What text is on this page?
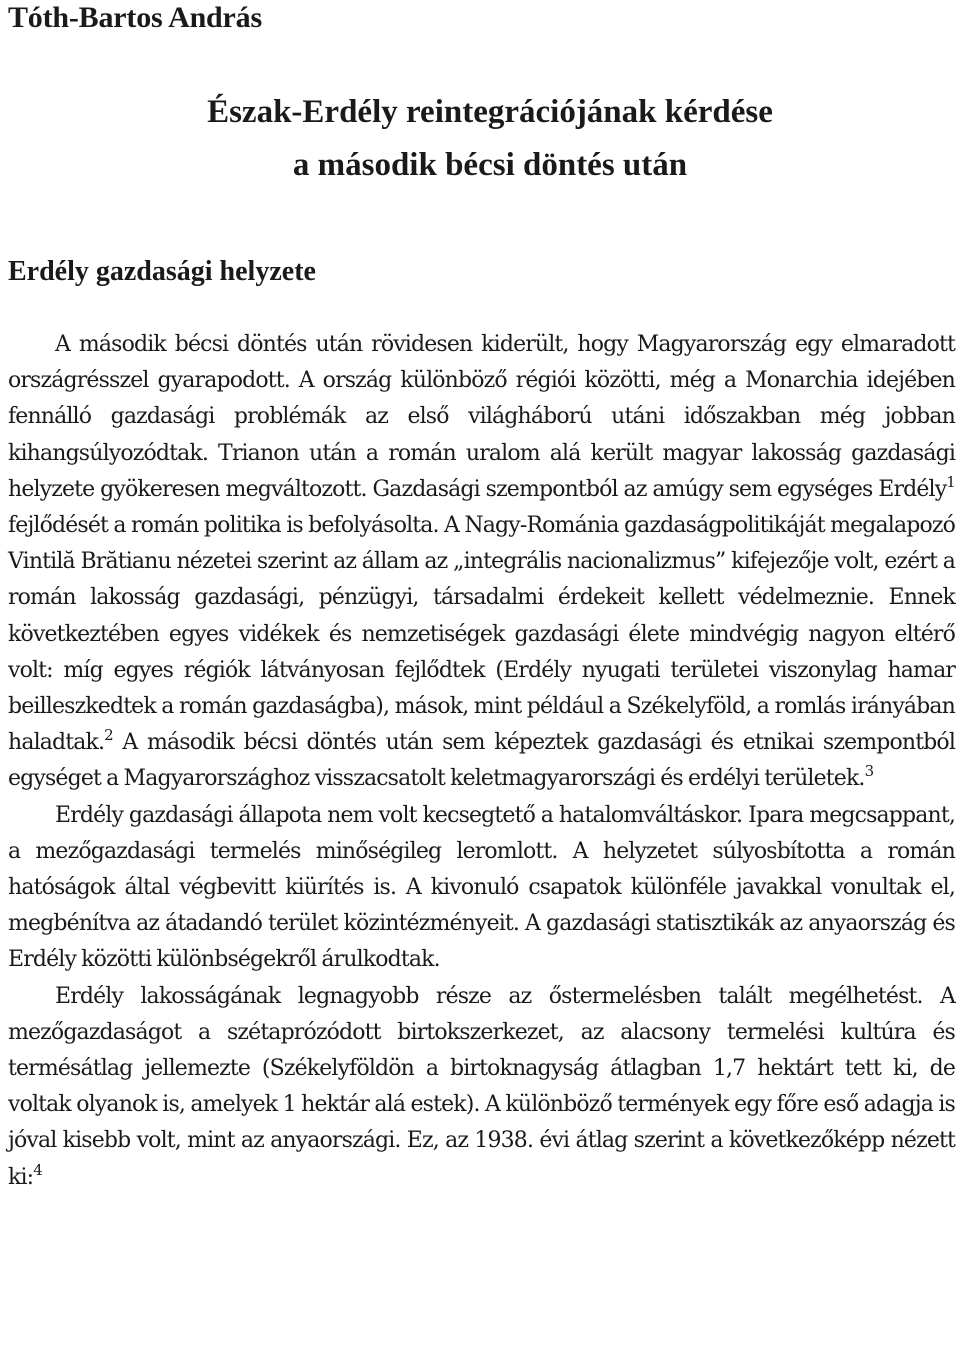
Tóth-Bartos András
Észak-Erdély reintegrációjának kérdése
a második bécsi döntés után
Erdély gazdasági helyzete

A második bécsi döntés után rövidesen kiderült, hogy Magyarország egy elmaradott országrésszel gyarapodott. A ország különböző régiói közötti, még a Monarchia idejében fennálló gazdasági problémák az első világháború utáni időszakban még jobban kihangsúlyozódtak. Trianon után a román uralom alá került magyar lakosság gazdasági helyzete gyökeresen megváltozott. Gazdasági szempontból az amúgy sem egységes Erdély$^1$ fejlődését a román politika is befolyásolta. A Nagy-Románia gazdaságpolitikáját megalapozó Vintilă Brătianu nézetei szerint az állam az „integrális nacionalizmus” kifejezője volt, ezért a román lakosság gazdasági, pénzügyi, társadalmi érdekeit kellett védelmeznie. Ennek következtében egyes vidékek és nemzetiségek gazdasági élete mindvégig nagyon eltérő volt: míg egyes régiók látványosan fejlődtek (Erdély nyugati területei viszonylag hamar beilleszkedtek a román gazdaságba), mások, mint például a Székelyföld, a romlás irányában haladtak.$^2$ A második bécsi döntés után sem képeztek gazdasági és etnikai szempontból egységet a Magyarországhoz visszacsatolt keletmagyarországi és erdélyi területek.$^3$

Erdély gazdasági állapota nem volt kecsegtető a hatalomváltáskor. Ipara megcsappant, a mezőgazdasági termelés minőségileg leromlott. A helyzetet súlyosbította a román hatóságok által végbevitt kiürítés is. A kivonuló csapatok különféle javakkal vonultak el, megbénítva az átadandó terület közintézményeit. A gazdasági statisztikák az anyaország és Erdély közötti különbségekről árulkodtak.

Erdély lakosságának legnagyobb része az őstermelésben talált megélhetést. A mezőgazdaságot a szétaprózódott birtokszerkezet, az alacsony termelési kultúra és termésátlag jellemezte (Székelyföldön a birtoknagyság átlagban 1,7 hektárt tett ki, de voltak olyanok is, amelyek 1 hektár alá estek). A különböző termények egy főre eső adagja is jóval kisebb volt, mint az anyaországi. Ez, az 1938. évi átlag szerint a következőképp nézett ki:$^4$
